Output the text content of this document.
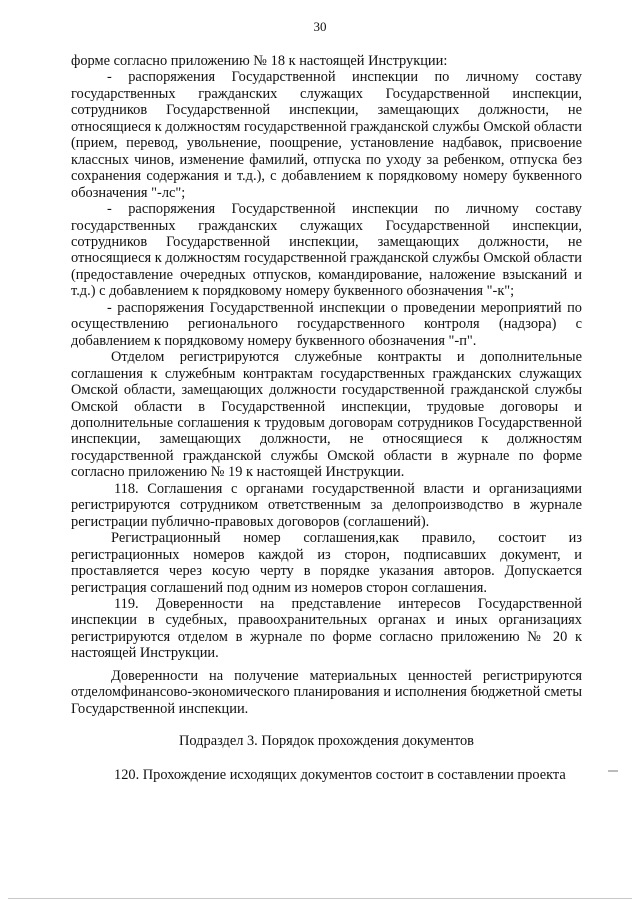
30

форме согласно приложению № 18 к настоящей Инструкции:

- распоряжения Государственной инспекции по личному составу государственных гражданских служащих Государственной инспекции, сотрудников Государственной инспекции, замещающих должности, не относящиеся к должностям государственной гражданской службы Омской области (прием, перевод, увольнение, поощрение, установление надбавок, присвоение классных чинов, изменение фамилий, отпуска по уходу за ребенком, отпуска без сохранения содержания и т.д.), с добавлением к порядковому номеру буквенного обозначения "-лс";

- распоряжения Государственной инспекции по личному составу государственных гражданских служащих Государственной инспекции, сотрудников Государственной инспекции, замещающих должности, не относящиеся к должностям государственной гражданской службы Омской области (предоставление очередных отпусков, командирование, наложение взысканий и т.д.) с добавлением к порядковому номеру буквенного обозначения "-к";

- распоряжения Государственной инспекции о проведении мероприятий по осуществлению регионального государственного контроля (надзора) с добавлением к порядковому номеру буквенного обозначения "-п".

Отделом регистрируются служебные контракты и дополнительные соглашения к служебным контрактам государственных гражданских служащих Омской области, замещающих должности государственной гражданской службы Омской области в Государственной инспекции, трудовые договоры и дополнительные соглашения к трудовым договорам сотрудников Государственной инспекции, замещающих должности, не относящиеся к должностям государственной гражданской службы Омской области в журнале по форме согласно приложению № 19 к настоящей Инструкции.

118. Соглашения с органами государственной власти и организациями регистрируются сотрудником ответственным за делопроизводство в журнале регистрации публично-правовых договоров (соглашений).

Регистрационный номер соглашения,как правило, состоит из регистрационных номеров каждой из сторон, подписавших документ, и проставляется через косую черту в порядке указания авторов. Допускается регистрация соглашений под одним из номеров сторон соглашения.

119. Доверенности на представление интересов Государственной инспекции в судебных, правоохранительных органах и иных организациях регистрируются отделом в журнале по форме согласно приложению № 20 к настоящей Инструкции.

Доверенности на получение материальных ценностей регистрируются отделомфинансово-экономического планирования и исполнения бюджетной сметы Государственной инспекции.

Подраздел 3. Порядок прохождения документов

120. Прохождение исходящих документов состоит в составлении проекта
